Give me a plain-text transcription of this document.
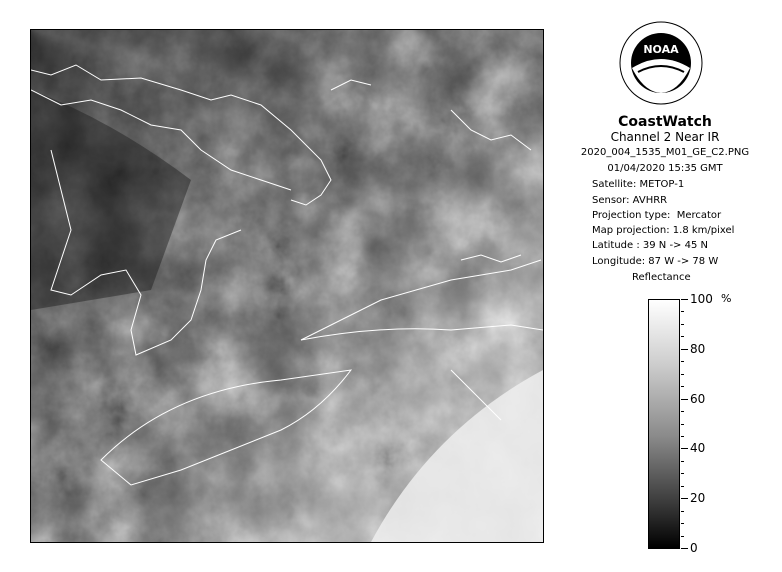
NOAA
CoastWatch
Channel 2 Near IR
2020_004_1535_M01_GE_C2.PNG
01/04/2020 15:35 GMT
Satellite: METOP-1
Sensor: AVHRR
Projection type:  Mercator
Map projection: 1.8 km/pixel
Latitude : 39 N -> 45 N
Longitude: 87 W -> 78 W
Reflectance
%
100
80
60
40
20
0
